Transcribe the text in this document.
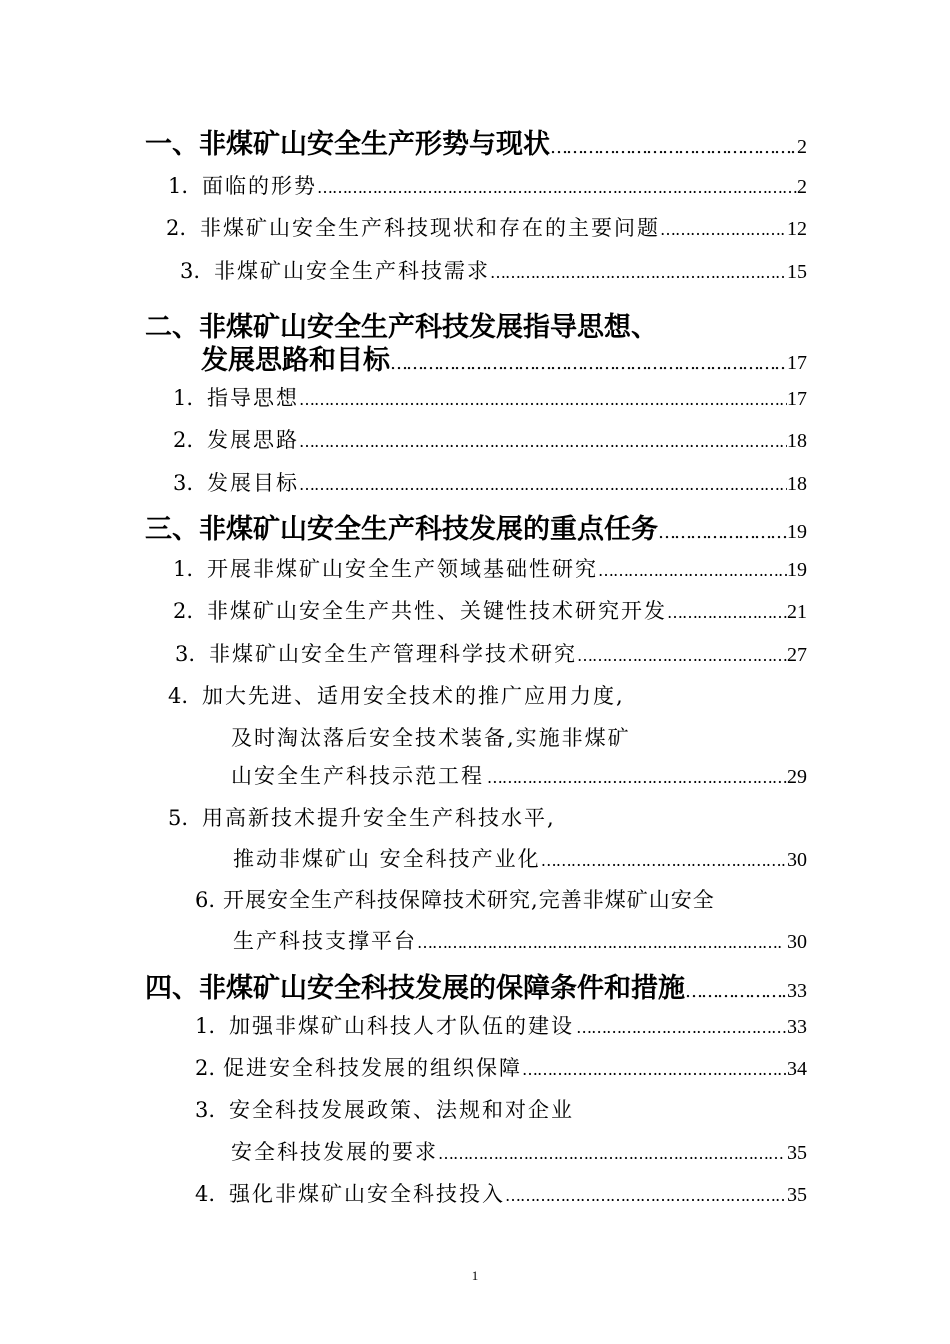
一、非煤矿山安全生产形势与现状 …………………………………………………………………………………………………………………………………………………………………………………………	2
1. 面临的形势 …………………………………………………………………………………………………………………………………………………………………………………………	2
2. 非煤矿山安全生产科技现状和存在的主要问题 …………………………………………………………………………………………………………………………………………………………………………………………	12
3. 非煤矿山安全生产科技需求 …………………………………………………………………………………………………………………………………………………………………………………………	15
二、非煤矿山安全生产科技发展指导思想、
发展思路和目标 …………………………………………………………………………………………………………………………………………………………………………………………	17
1. 指导思想 …………………………………………………………………………………………………………………………………………………………………………………………	17
2. 发展思路 …………………………………………………………………………………………………………………………………………………………………………………………	18
3. 发展目标 …………………………………………………………………………………………………………………………………………………………………………………………	18
三、非煤矿山安全生产科技发展的重点任务 …………………………………………………………………………………………………………………………………………………………………………………………	19
1. 开展非煤矿山安全生产领域基础性研究 …………………………………………………………………………………………………………………………………………………………………………………………	19
2. 非煤矿山安全生产共性、关键性技术研究开发 …………………………………………………………………………………………………………………………………………………………………………………………	21
3. 非煤矿山安全生产管理科学技术研究 …………………………………………………………………………………………………………………………………………………………………………………………	27
4. 加大先进、适用安全技术的推广应用力度,
及时淘汰落后安全技术装备,实施非煤矿
山安全生产科技示范工程 …………………………………………………………………………………………………………………………………………………………………………………………	29
5. 用高新技术提升安全生产科技水平,
推动非煤矿山 安全科技产业化 …………………………………………………………………………………………………………………………………………………………………………………………	30
6. 开展安全生产科技保障技术研究,完善非煤矿山安全
生产科技支撑平台 …………………………………………………………………………………………………………………………………………………………………………………………	30
四、非煤矿山安全科技发展的保障条件和措施 …………………………………………………………………………………………………………………………………………………………………………………………	33
1. 加强非煤矿山科技人才队伍的建设 …………………………………………………………………………………………………………………………………………………………………………………………	33
2. 促进安全科技发展的组织保障 …………………………………………………………………………………………………………………………………………………………………………………………	34
3. 安全科技发展政策、法规和对企业
安全科技发展的要求 …………………………………………………………………………………………………………………………………………………………………………………………	35
4. 强化非煤矿山安全科技投入 …………………………………………………………………………………………………………………………………………………………………………………………	35
1
